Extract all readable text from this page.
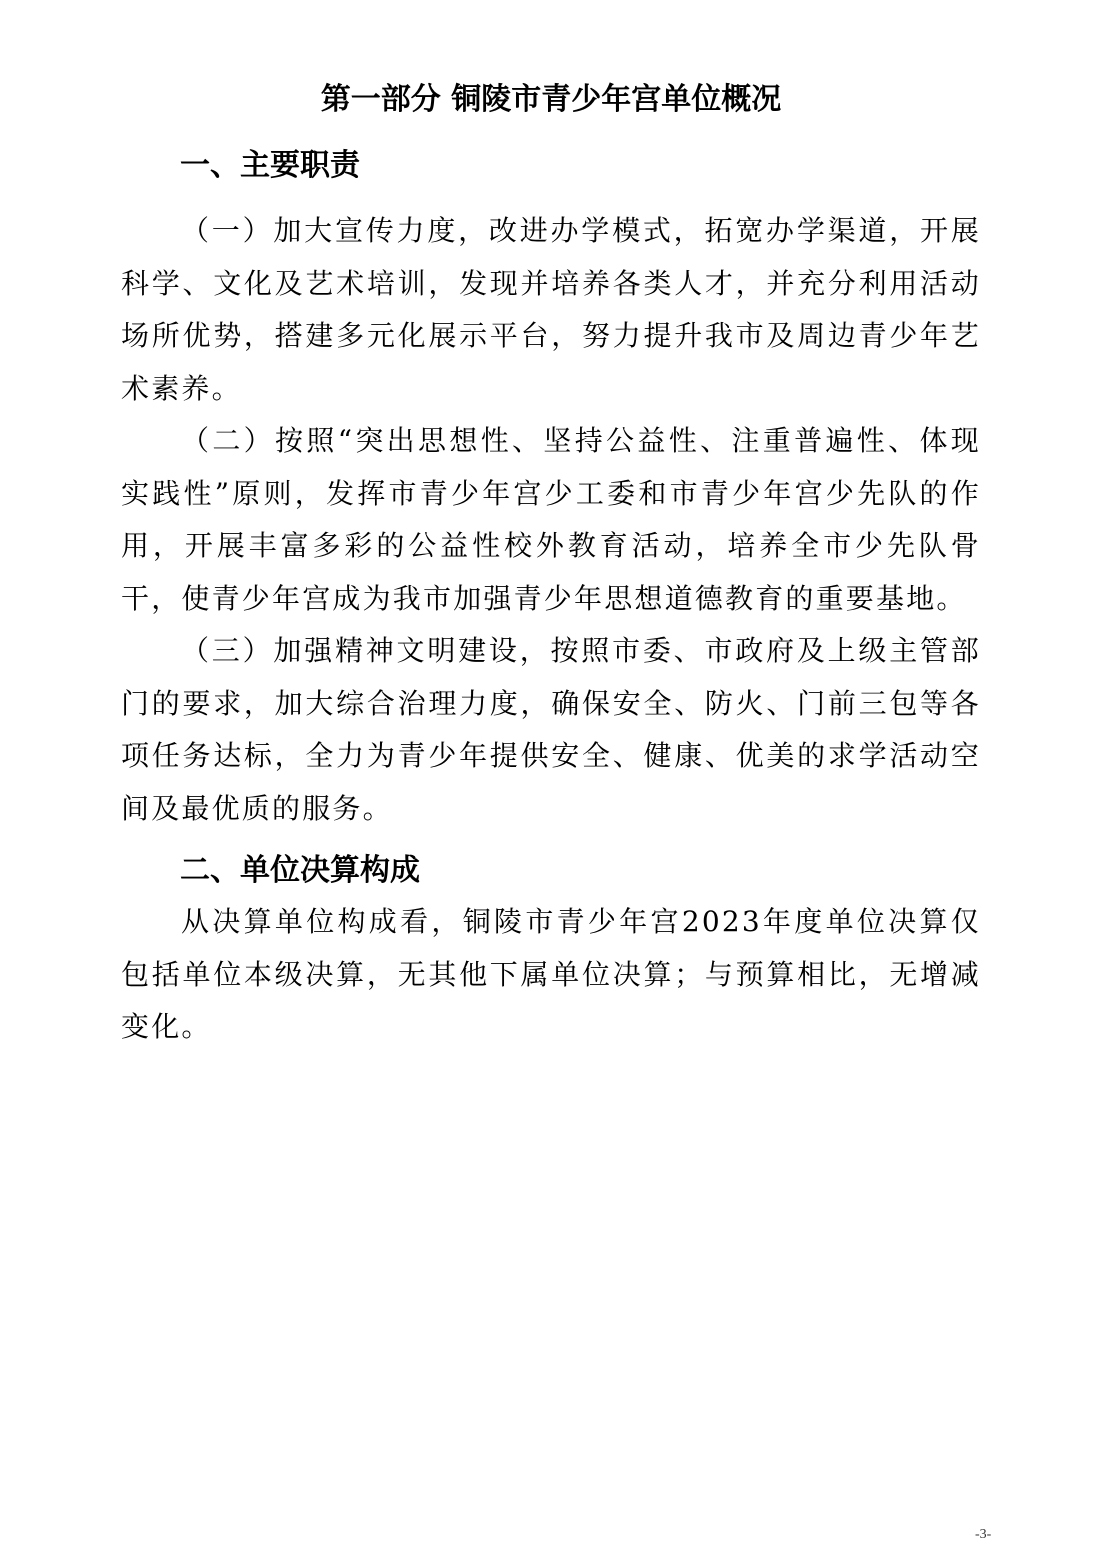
第一部分 铜陵市青少年宫单位概况
一、主要职责

（一）加大宣传力度，改进办学模式，拓宽办学渠道，开展科学、文化及艺术培训，发现并培养各类人才，并充分利用活动场所优势，搭建多元化展示平台，努力提升我市及周边青少年艺术素养。

（二）按照“突出思想性、坚持公益性、注重普遍性、体现实践性”原则，发挥市青少年宫少工委和市青少年宫少先队的作用，开展丰富多彩的公益性校外教育活动，培养全市少先队骨干，使青少年宫成为我市加强青少年思想道德教育的重要基地。

（三）加强精神文明建设，按照市委、市政府及上级主管部门的要求，加大综合治理力度，确保安全、防火、门前三包等各项任务达标，全力为青少年提供安全、健康、优美的求学活动空间及最优质的服务。

二、单位决算构成

从决算单位构成看，铜陵市青少年宫2023年度单位决算仅包括单位本级决算，无其他下属单位决算；与预算相比，无增减变化。

-3-
